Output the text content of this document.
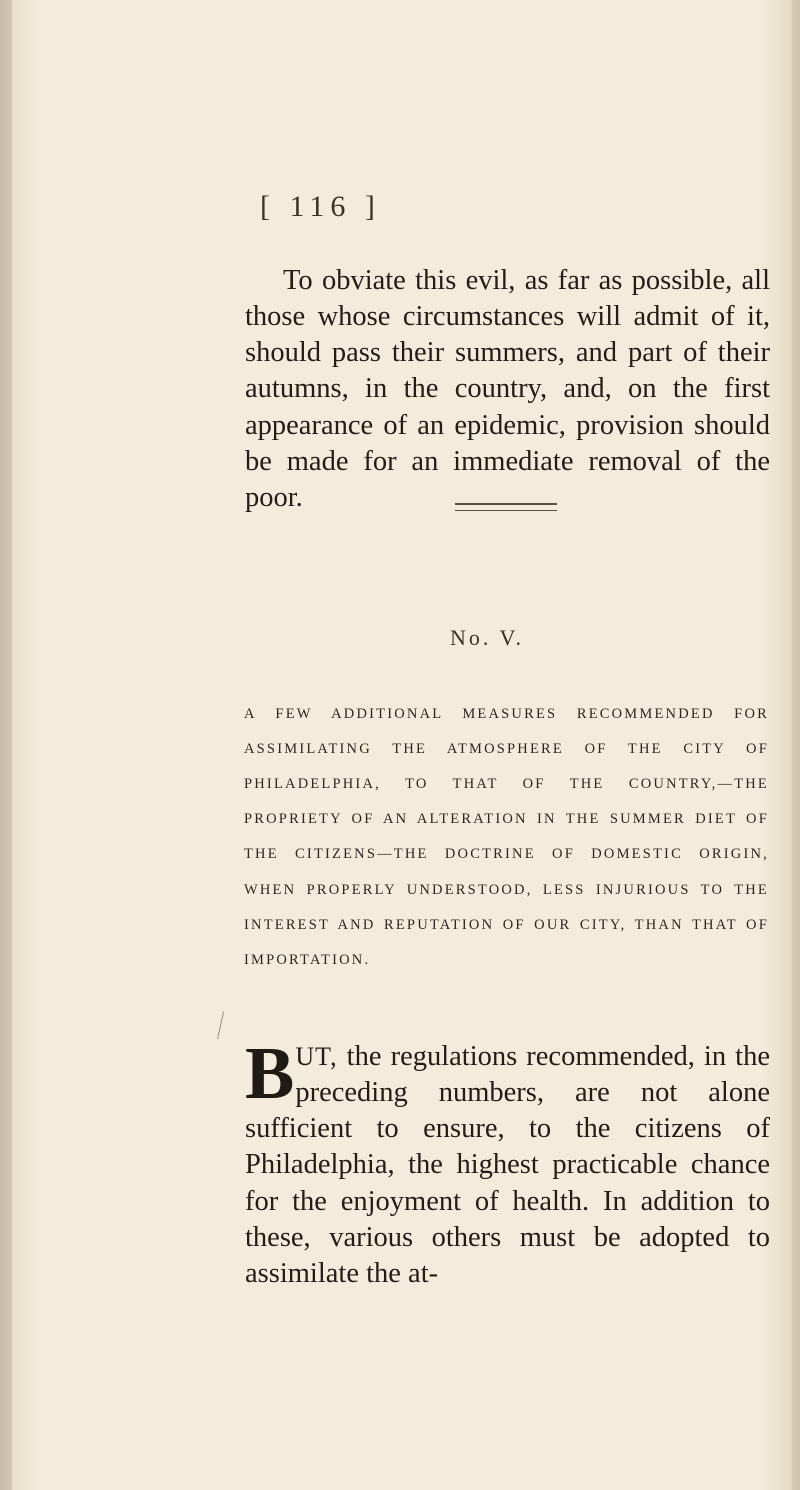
[ 116 ]

To obviate this evil, as far as possible, all those whose circumstances will admit of it, should pass their summers, and part of their autumns, in the country, and, on the first appearance of an epidemic, provision should be made for an immediate removal of the poor.

No. V.

A FEW ADDITIONAL MEASURES RECOMMENDED FOR ASSIMILATING THE ATMOSPHERE OF THE CITY OF PHILADELPHIA, TO THAT OF THE COUNTRY,—THE PROPRIETY OF AN ALTERATION IN THE SUMMER DIET OF THE CITIZENS—THE DOCTRINE OF DOMESTIC ORIGIN, WHEN PROPERLY UNDERSTOOD, LESS INJURIOUS TO THE INTEREST AND REPUTATION OF OUR CITY, THAN THAT OF IMPORTATION.

BUT, the regulations recommended, in the preceding numbers, are not alone sufficient to ensure, to the citizens of Philadelphia, the highest practicable chance for the enjoyment of health. In addition to these, various others must be adopted to assimilate the at-
